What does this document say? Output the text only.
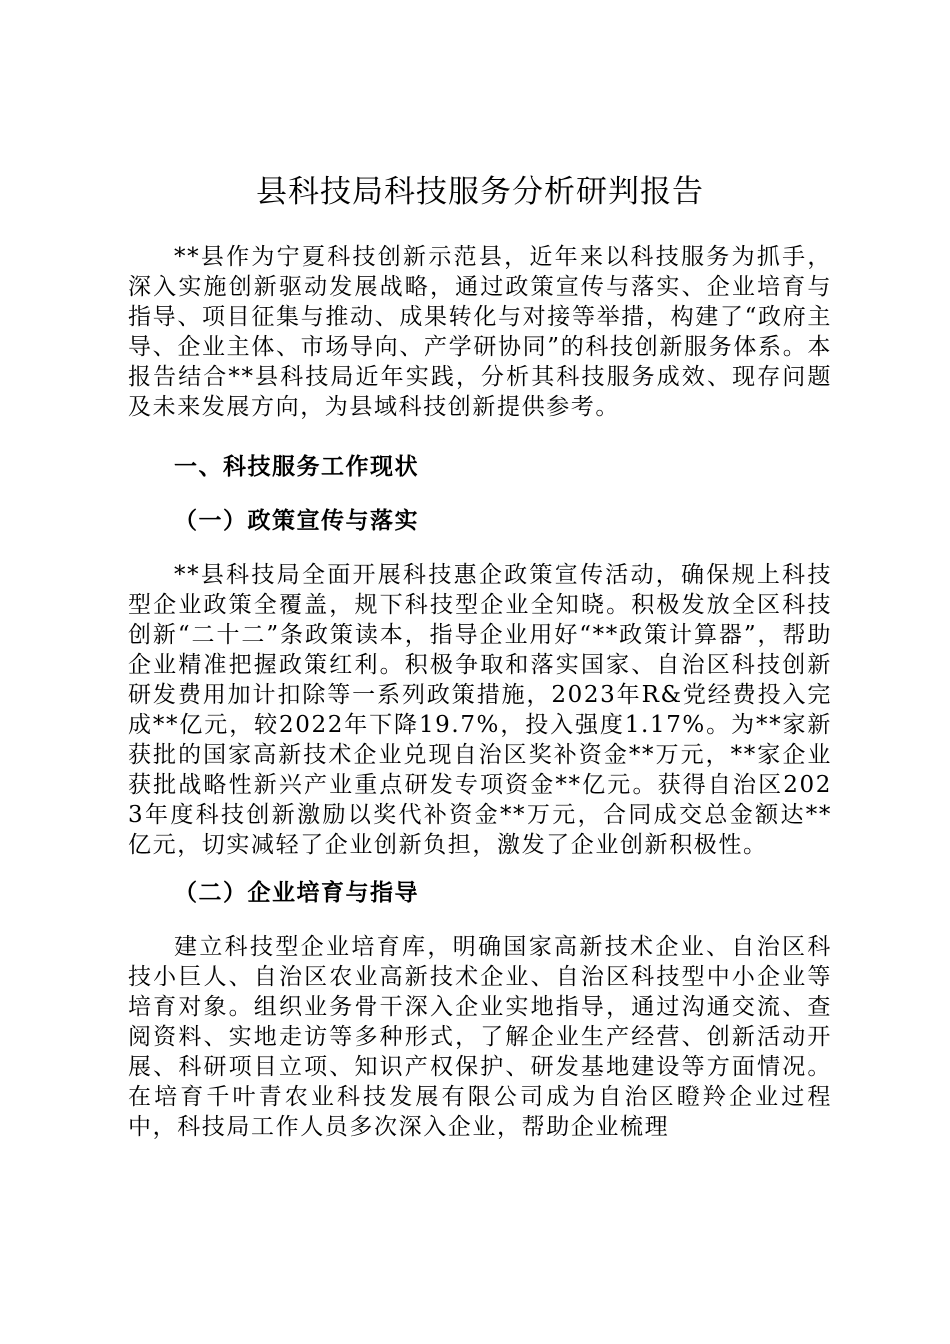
县科技局科技服务分析研判报告

**县作为宁夏科技创新示范县，近年来以科技服务为抓手，深入实施创新驱动发展战略，通过政策宣传与落实、企业培育与指导、项目征集与推动、成果转化与对接等举措，构建了“政府主导、企业主体、市场导向、产学研协同”的科技创新服务体系。本报告结合**县科技局近年实践，分析其科技服务成效、现存问题及未来发展方向，为县域科技创新提供参考。

一、科技服务工作现状
（一）政策宣传与落实

**县科技局全面开展科技惠企政策宣传活动，确保规上科技型企业政策全覆盖，规下科技型企业全知晓。积极发放全区科技创新“二十二”条政策读本，指导企业用好“**政策计算器”，帮助企业精准把握政策红利。积极争取和落实国家、自治区科技创新研发费用加计扣除等一系列政策措施，2023年R&党经费投入完成**亿元，较2022年下降19.7%，投入强度1.17%。为**家新获批的国家高新技术企业兑现自治区奖补资金**万元，**家企业获批战略性新兴产业重点研发专项资金**亿元。获得自治区2023年度科技创新激励以奖代补资金**万元，合同成交总金额达**亿元，切实减轻了企业创新负担，激发了企业创新积极性。

（二）企业培育与指导

建立科技型企业培育库，明确国家高新技术企业、自治区科技小巨人、自治区农业高新技术企业、自治区科技型中小企业等培育对象。组织业务骨干深入企业实地指导，通过沟通交流、查阅资料、实地走访等多种形式，了解企业生产经营、创新活动开展、科研项目立项、知识产权保护、研发基地建设等方面情况。在培育千叶青农业科技发展有限公司成为自治区瞪羚企业过程中，科技局工作人员多次深入企业，帮助企业梳理
